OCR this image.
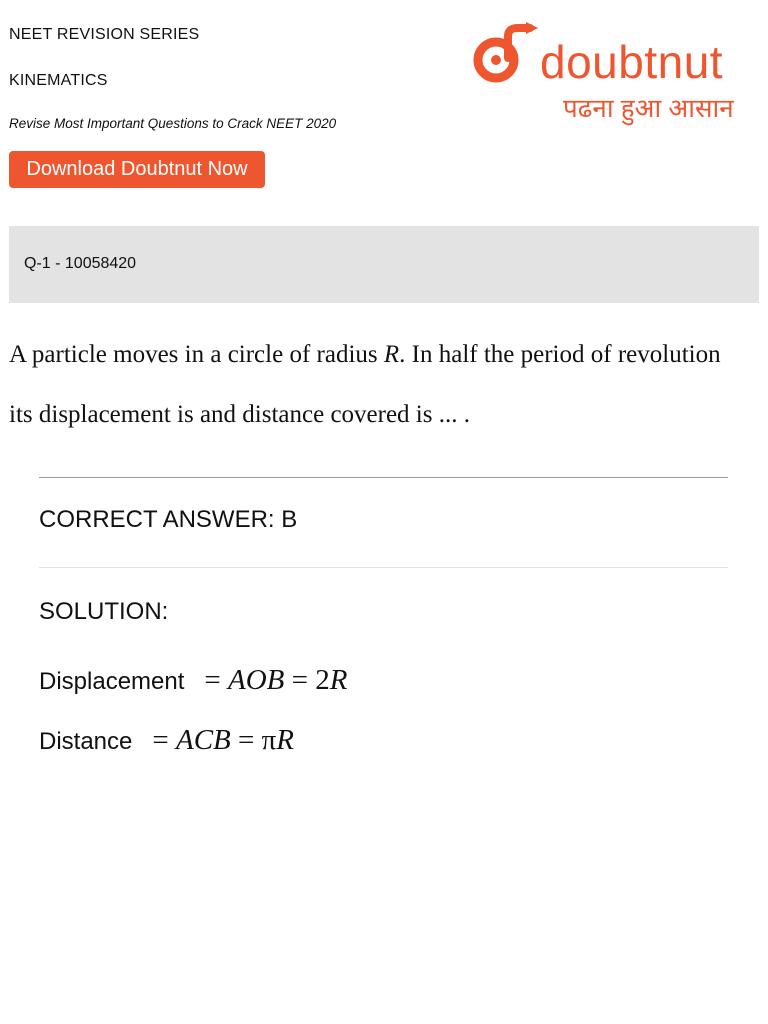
NEET REVISION SERIES
KINEMATICS
Revise Most Important Questions to Crack NEET 2020
Download Doubtnut Now
doubtnut
पढना हुआ आसान
Q-1 - 10058420
A particle moves in a circle of radius R. In half the period of revolution its displacement is and distance covered is ... .
CORRECT ANSWER: B
SOLUTION:
Displacement = AOB = 2R
Distance = ACB = πR
